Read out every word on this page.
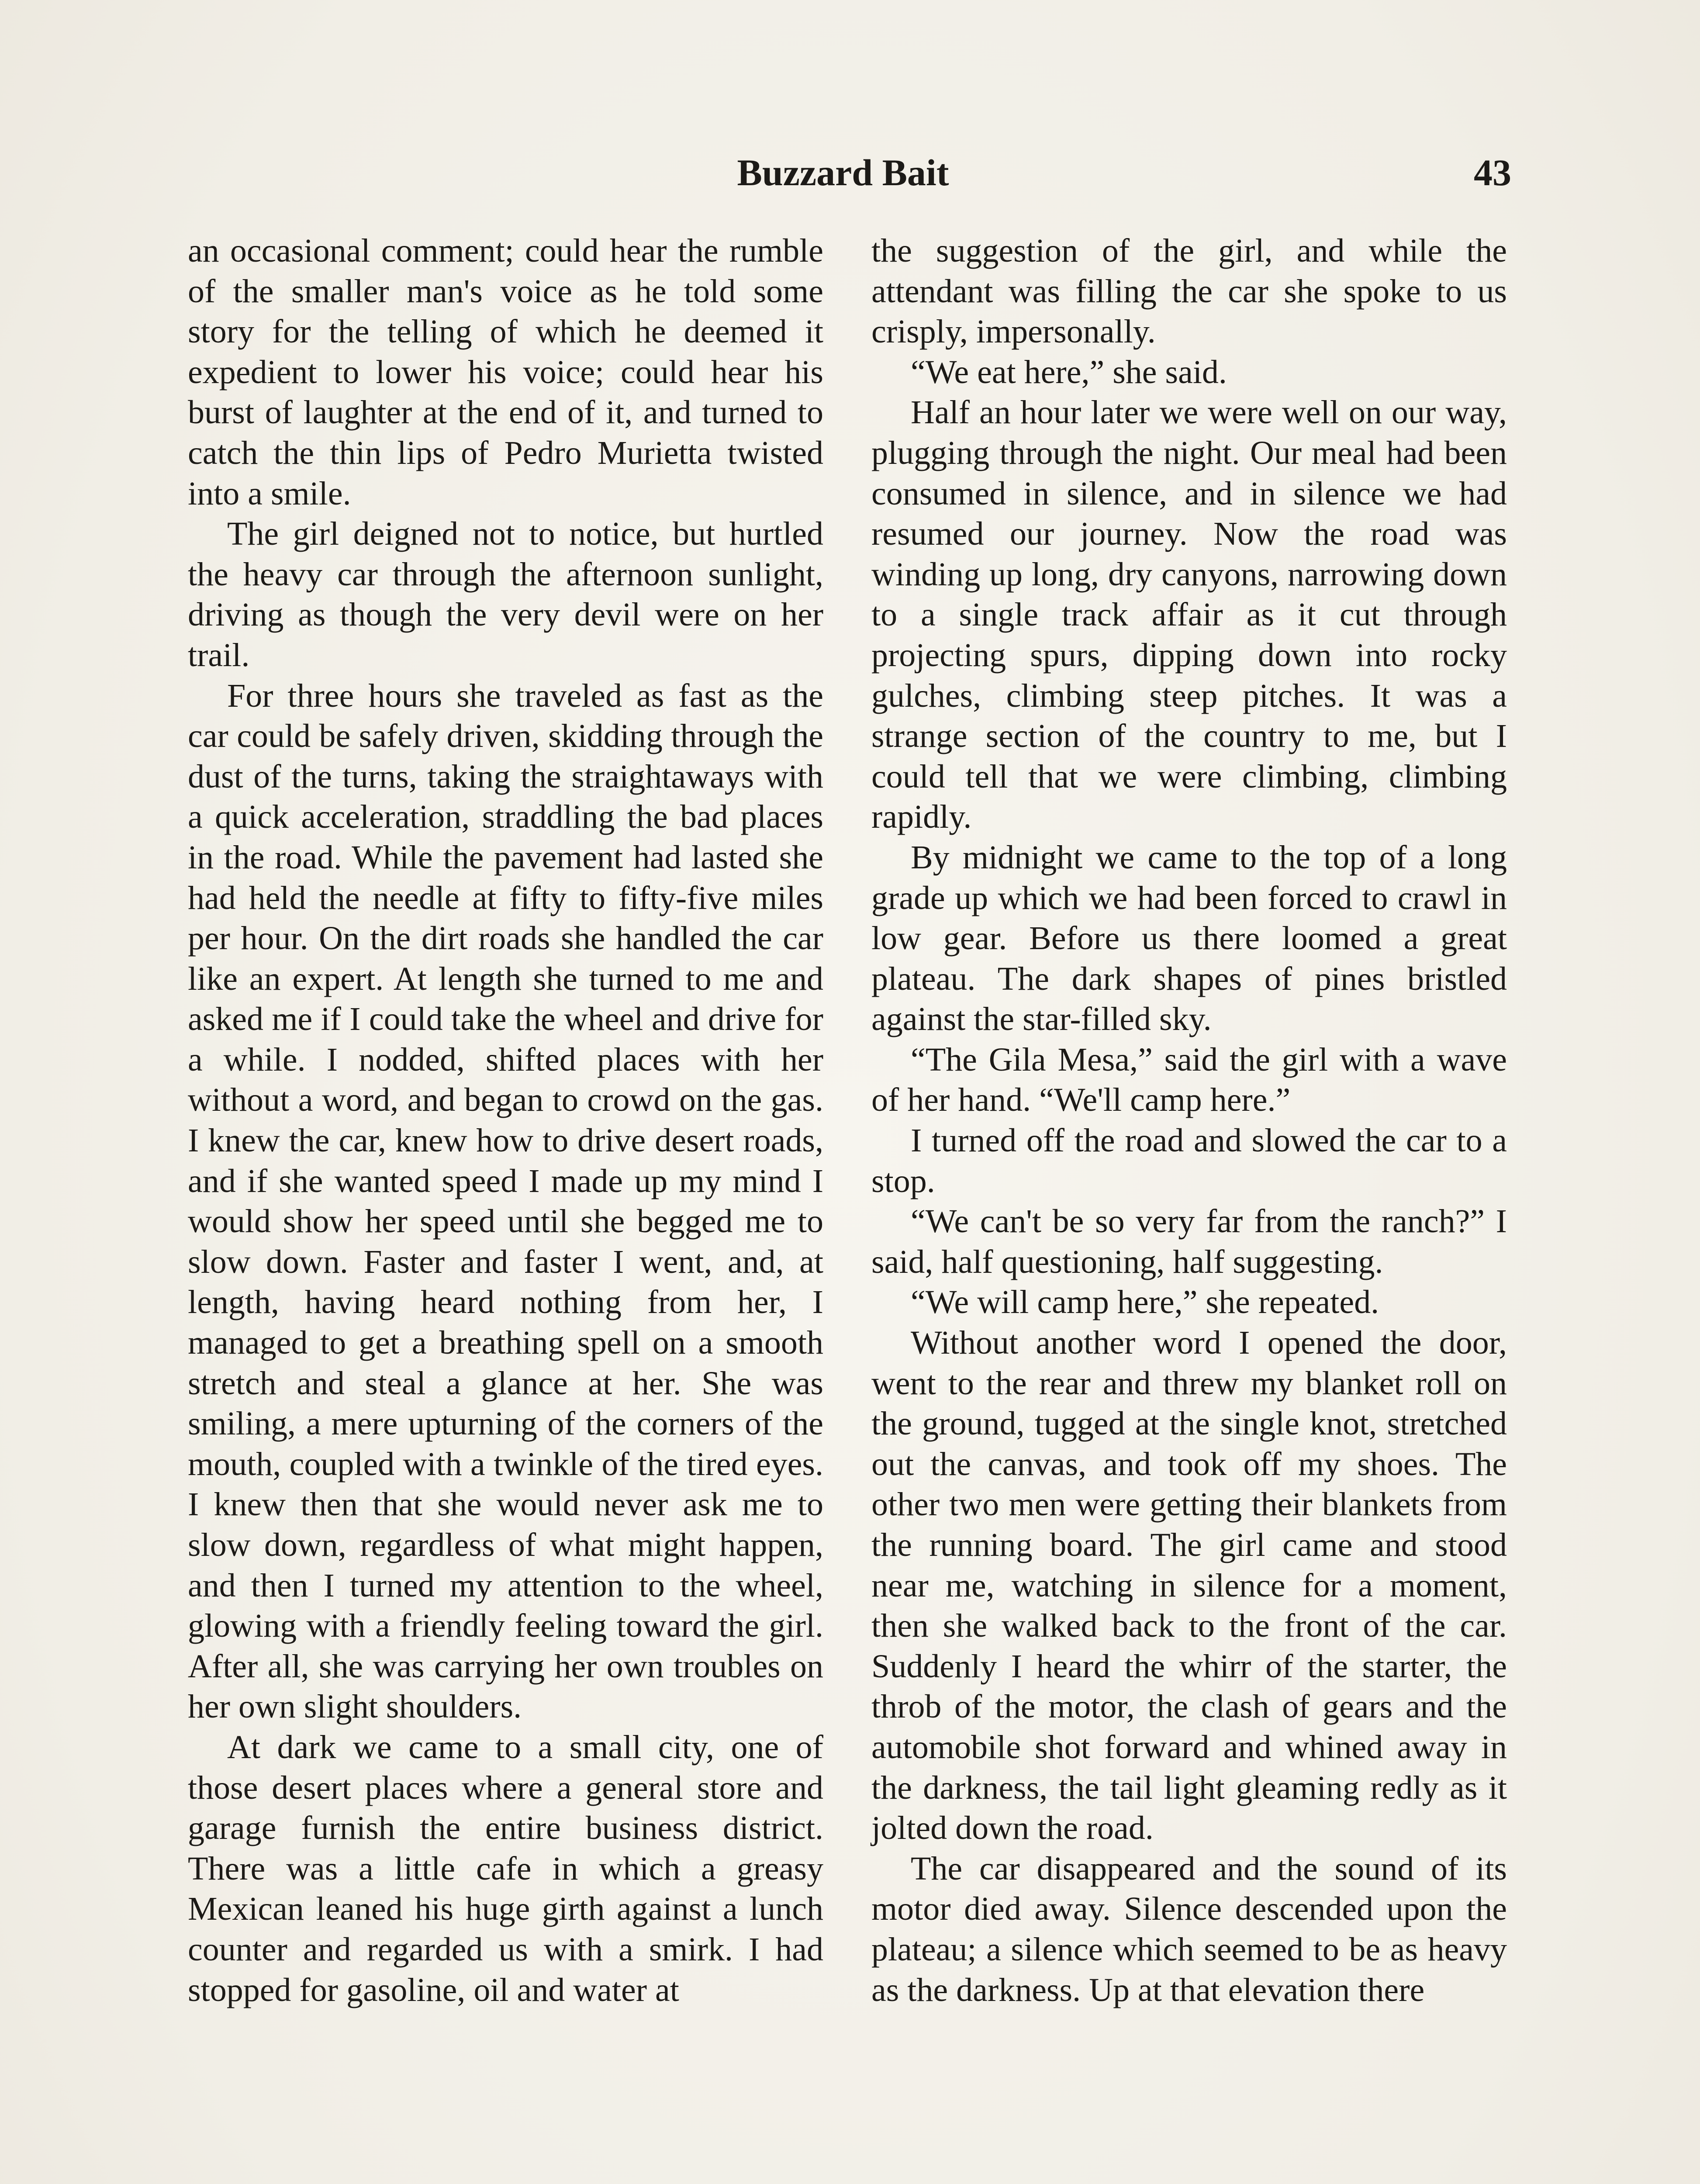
Buzzard Bait	43

an occasional comment; could hear the rumble of the smaller man's voice as he told some story for the telling of which he deemed it expedient to lower his voice; could hear his burst of laughter at the end of it, and turned to catch the thin lips of Pedro Murietta twisted into a smile.

The girl deigned not to notice, but hurtled the heavy car through the afternoon sunlight, driving as though the very devil were on her trail.

For three hours she traveled as fast as the car could be safely driven, skidding through the dust of the turns, taking the straightaways with a quick acceleration, straddling the bad places in the road. While the pavement had lasted she had held the needle at fifty to fifty-five miles per hour. On the dirt roads she handled the car like an expert. At length she turned to me and asked me if I could take the wheel and drive for a while. I nodded, shifted places with her without a word, and began to crowd on the gas. I knew the car, knew how to drive desert roads, and if she wanted speed I made up my mind I would show her speed until she begged me to slow down. Faster and faster I went, and, at length, having heard nothing from her, I managed to get a breathing spell on a smooth stretch and steal a glance at her. She was smiling, a mere upturning of the corners of the mouth, coupled with a twinkle of the tired eyes. I knew then that she would never ask me to slow down, regardless of what might happen, and then I turned my attention to the wheel, glowing with a friendly feeling toward the girl. After all, she was carrying her own troubles on her own slight shoulders.

At dark we came to a small city, one of those desert places where a general store and garage furnish the entire business district. There was a little cafe in which a greasy Mexican leaned his huge girth against a lunch counter and regarded us with a smirk. I had stopped for gasoline, oil and water at

the suggestion of the girl, and while the attendant was filling the car she spoke to us crisply, impersonally.

“We eat here,” she said.

Half an hour later we were well on our way, plugging through the night. Our meal had been consumed in silence, and in silence we had resumed our journey. Now the road was winding up long, dry canyons, narrowing down to a single track affair as it cut through projecting spurs, dipping down into rocky gulches, climbing steep pitches. It was a strange section of the country to me, but I could tell that we were climbing, climbing rapidly.

By midnight we came to the top of a long grade up which we had been forced to crawl in low gear. Before us there loomed a great plateau. The dark shapes of pines bristled against the star-filled sky.

“The Gila Mesa,” said the girl with a wave of her hand. “We'll camp here.”

I turned off the road and slowed the car to a stop.

“We can't be so very far from the ranch?” I said, half questioning, half suggesting.

“We will camp here,” she repeated.

Without another word I opened the door, went to the rear and threw my blanket roll on the ground, tugged at the single knot, stretched out the canvas, and took off my shoes. The other two men were getting their blankets from the running board. The girl came and stood near me, watching in silence for a moment, then she walked back to the front of the car. Suddenly I heard the whirr of the starter, the throb of the motor, the clash of gears and the automobile shot forward and whined away in the darkness, the tail light gleaming redly as it jolted down the road.

The car disappeared and the sound of its motor died away. Silence descended upon the plateau; a silence which seemed to be as heavy as the darkness. Up at that elevation there
